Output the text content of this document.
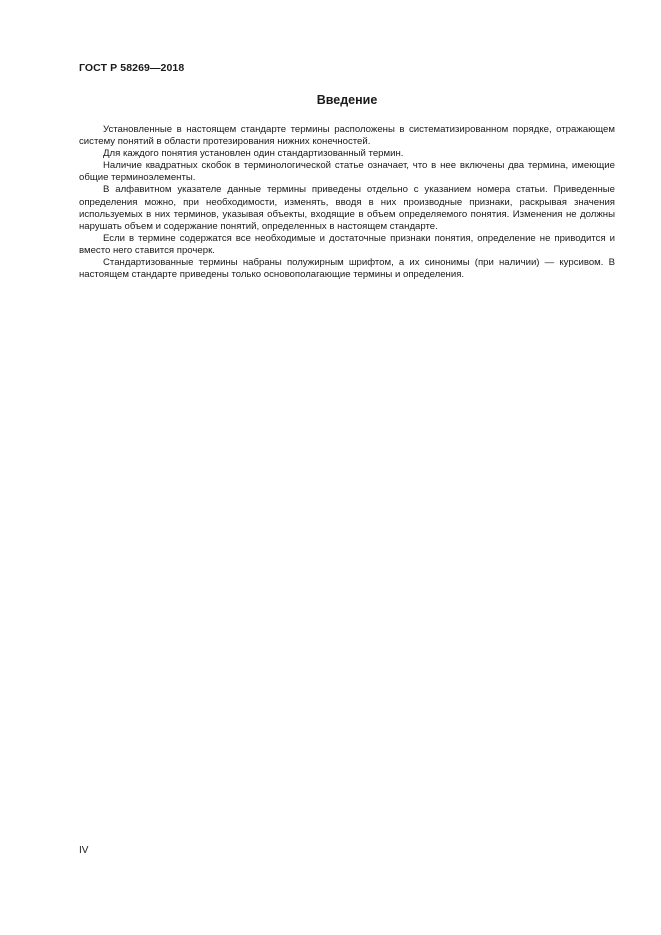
ГОСТ Р 58269—2018
Введение

Установленные в настоящем стандарте термины расположены в систематизированном порядке, отражающем систему понятий в области протезирования нижних конечностей.

Для каждого понятия установлен один стандартизованный термин.

Наличие квадратных скобок в терминологической статье означает, что в нее включены два термина, имеющие общие терминоэлементы.

В алфавитном указателе данные термины приведены отдельно с указанием номера статьи. Приведенные определения можно, при необходимости, изменять, вводя в них производные признаки, раскрывая значения используемых в них терминов, указывая объекты, входящие в объем определяемого понятия. Изменения не должны нарушать объем и содержание понятий, определенных в настоящем стандарте.

Если в термине содержатся все необходимые и достаточные признаки понятия, определение не приводится и вместо него ставится прочерк.

Стандартизованные термины набраны полужирным шрифтом, а их синонимы (при наличии) — курсивом. В настоящем стандарте приведены только основополагающие термины и определения.

IV
